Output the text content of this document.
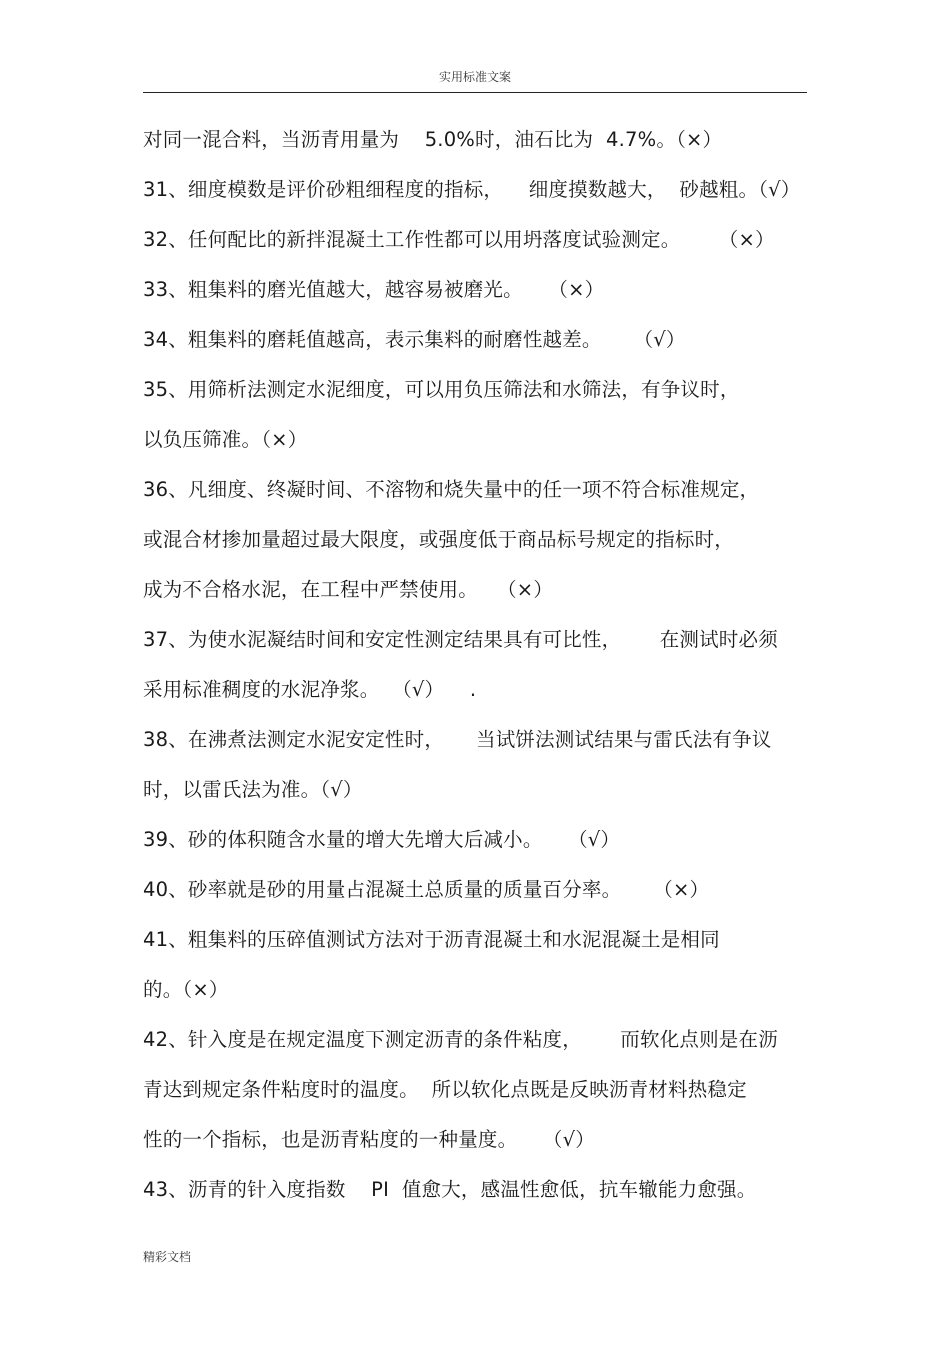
实用标准文案
对同一混合料，当沥青用量为    5.0%时，油石比为  4.7%。（×）
31、细度模数是评价砂粗细程度的指标，    细度摸数越大，  砂越粗。（√）
32、任何配比的新拌混凝土工作性都可以用坍落度试验测定。      （×）
33、粗集料的磨光值越大，越容易被磨光。    （×）
34、粗集料的磨耗值越高，表示集料的耐磨性越差。     （√）
35、用筛析法测定水泥细度，可以用负压筛法和水筛法，有争议时，
以负压筛准。（×）
36、凡细度、终凝时间、不溶物和烧失量中的任一项不符合标准规定，
或混合材掺加量超过最大限度，或强度低于商品标号规定的指标时，
成为不合格水泥，在工程中严禁使用。   （×）
37、为使水泥凝结时间和安定性测定结果具有可比性，      在测试时必须
采用标准稠度的水泥净浆。  （√）    .
38、在沸煮法测定水泥安定性时，     当试饼法测试结果与雷氏法有争议
时，以雷氏法为准。（√）
39、砂的体积随含水量的增大先增大后减小。    （√）
40、砂率就是砂的用量占混凝土总质量的质量百分率。     （×）
41、粗集料的压碎值测试方法对于沥青混凝土和水泥混凝土是相同
的。（×）
42、针入度是在规定温度下测定沥青的条件粘度，      而软化点则是在沥
青达到规定条件粘度时的温度。  所以软化点既是反映沥青材料热稳定
性的一个指标，也是沥青粘度的一种量度。    （√）
43、沥青的针入度指数    PI  值愈大，感温性愈低，抗车辙能力愈强。
精彩文档
